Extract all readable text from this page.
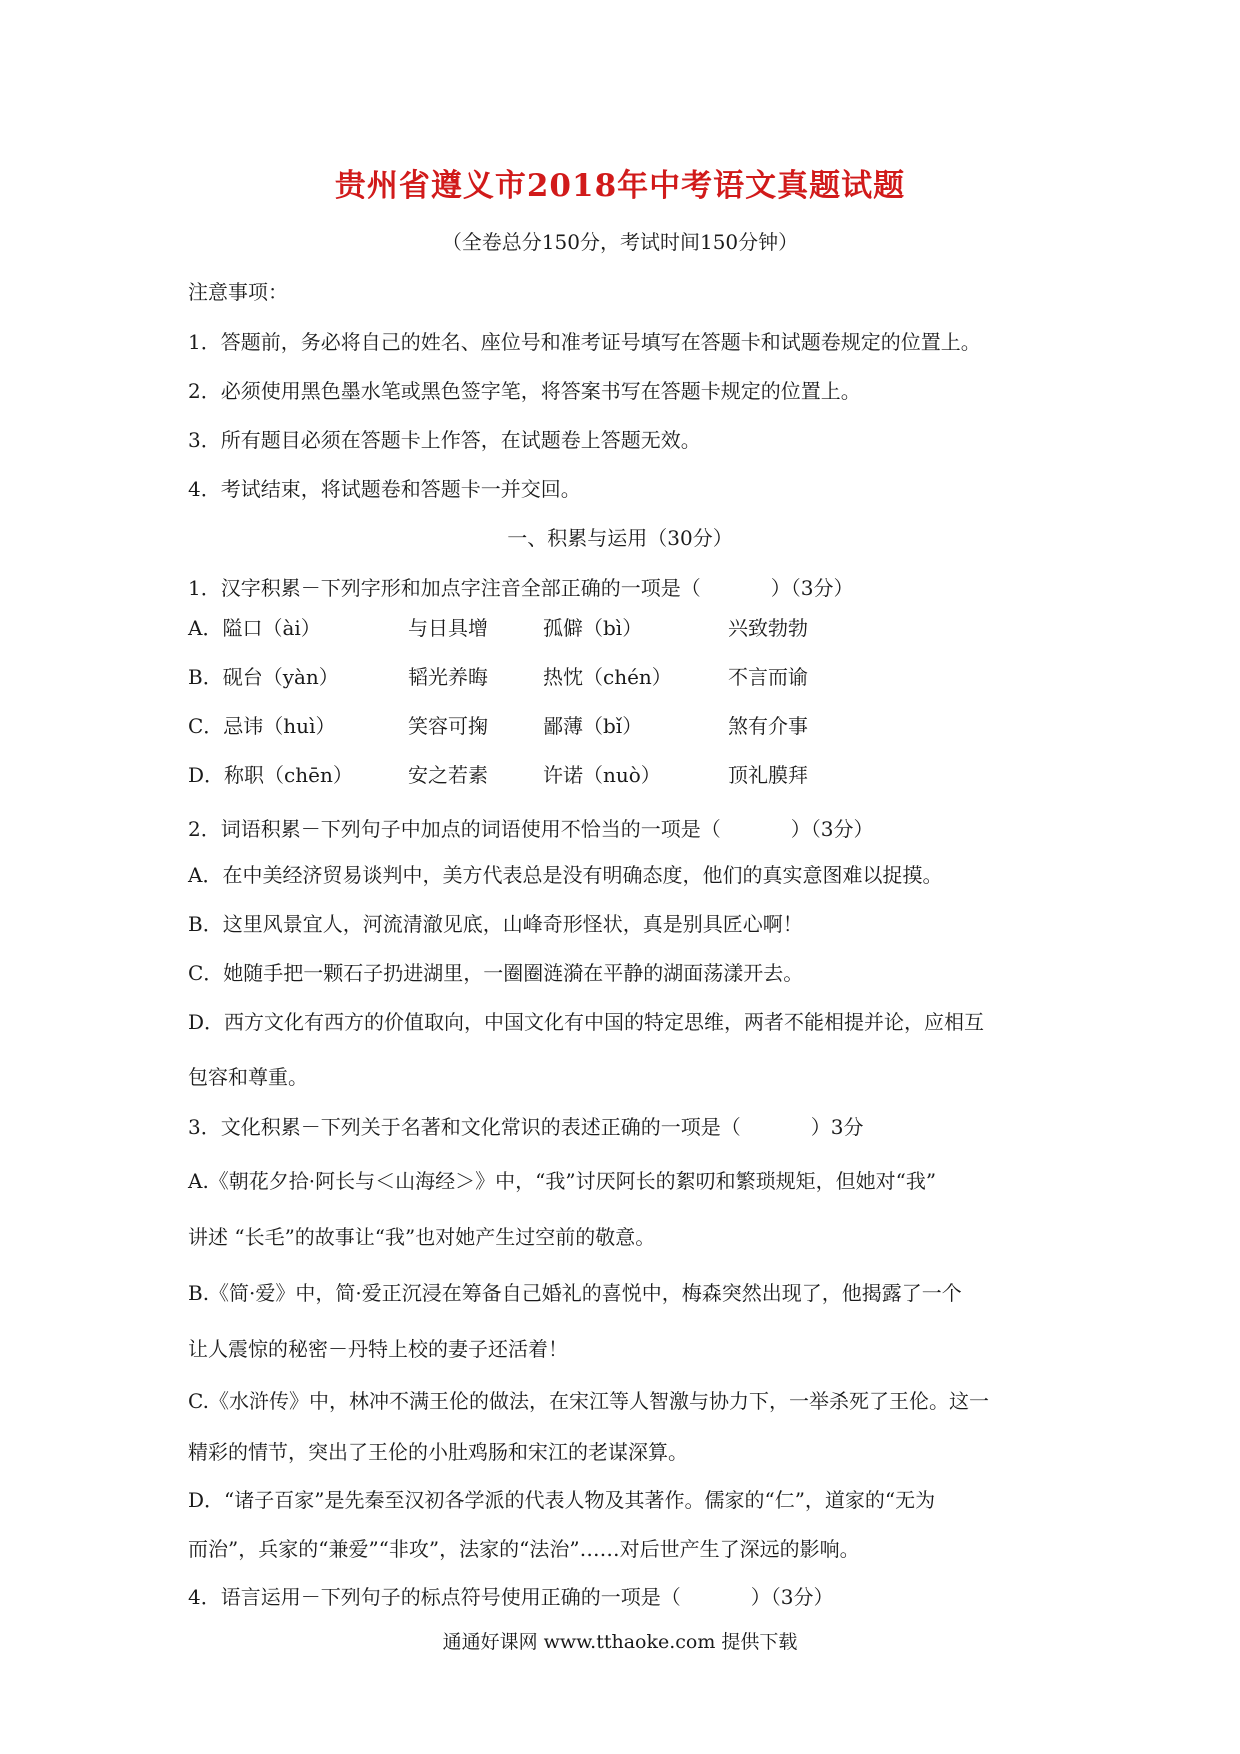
贵州省遵义市2018年中考语文真题试题
（全卷总分150分，考试时间150分钟）
注意事项：
1．答题前，务必将自己的姓名、座位号和准考证号填写在答题卡和试题卷规定的位置上。
2．必须使用黑色墨水笔或黑色签字笔，将答案书写在答题卡规定的位置上。
3．所有题目必须在答题卡上作答，在试题卷上答题无效。
4．考试结束，将试题卷和答题卡一并交回。
一、积累与运用（30分）
1．汉字积累－下列字形和加点字注音全部正确的一项是（	）（3分）
A．隘口（ài）	与日具增	孤僻（bì）	兴致勃勃
B．砚台（yàn）	韬光养晦	热忱（chén）	不言而谕
C．忌讳（huì）	笑容可掬	鄙薄（bǐ）	煞有介事
D．称职（chēn）	安之若素	许诺（nuò）	顶礼膜拜
2．词语积累－下列句子中加点的词语使用不恰当的一项是（	）（3分）
A．在中美经济贸易谈判中，美方代表总是没有明确态度，他们的真实意图难以捉摸。
B．这里风景宜人，河流清澈见底，山峰奇形怪状，真是别具匠心啊！
C．她随手把一颗石子扔进湖里，一圈圈涟漪在平静的湖面荡漾开去。
D．西方文化有西方的价值取向，中国文化有中国的特定思维，两者不能相提并论，应相互
包容和尊重。
3．文化积累－下列关于名著和文化常识的表述正确的一项是（	）3分
A.《朝花夕拾·阿长与＜山海经＞》中，“我”讨厌阿长的絮叨和繁琐规矩，但她对“我”
讲述 “长毛”的故事让“我”也对她产生过空前的敬意。
B.《简·爱》中，简·爱正沉浸在筹备自己婚礼的喜悦中，梅森突然出现了，他揭露了一个
让人震惊的秘密－丹特上校的妻子还活着！
C.《水浒传》中，林冲不满王伦的做法，在宋江等人智激与协力下，一举杀死了王伦。这一
精彩的情节，突出了王伦的小肚鸡肠和宋江的老谋深算。
D．“诸子百家”是先秦至汉初各学派的代表人物及其著作。儒家的“仁”，道家的“无为
而治”，兵家的“兼爱”“非攻”，法家的“法治”……对后世产生了深远的影响。
4．语言运用－下列句子的标点符号使用正确的一项是（	）（3分）
通通好课网 www.tthaoke.com 提供下载
